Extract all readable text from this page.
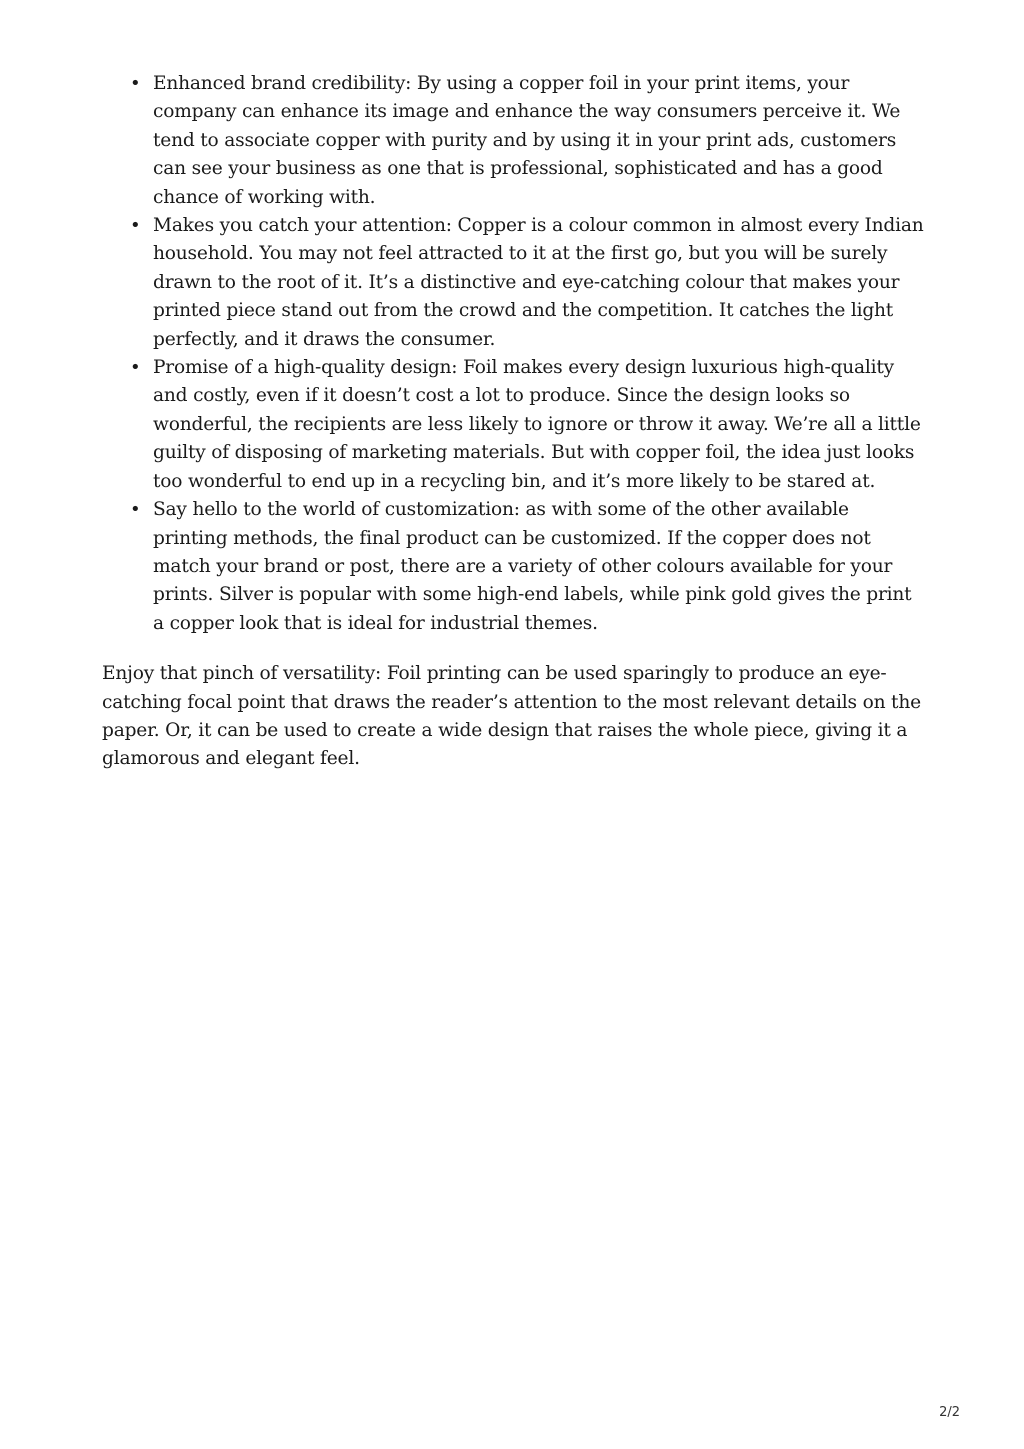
• Enhanced brand credibility: By using a copper foil in your print items, your company can enhance its image and enhance the way consumers perceive it. We tend to associate copper with purity and by using it in your print ads, customers can see your business as one that is professional, sophisticated and has a good chance of working with.
• Makes you catch your attention: Copper is a colour common in almost every Indian household. You may not feel attracted to it at the first go, but you will be surely drawn to the root of it. It’s a distinctive and eye-catching colour that makes your printed piece stand out from the crowd and the competition. It catches the light perfectly, and it draws the consumer.
• Promise of a high-quality design: Foil makes every design luxurious high-quality and costly, even if it doesn’t cost a lot to produce. Since the design looks so wonderful, the recipients are less likely to ignore or throw it away. We’re all a little guilty of disposing of marketing materials. But with copper foil, the idea just looks too wonderful to end up in a recycling bin, and it’s more likely to be stared at.
• Say hello to the world of customization: as with some of the other available printing methods, the final product can be customized. If the copper does not match your brand or post, there are a variety of other colours available for your prints. Silver is popular with some high-end labels, while pink gold gives the print a copper look that is ideal for industrial themes.

Enjoy that pinch of versatility: Foil printing can be used sparingly to produce an eye-catching focal point that draws the reader’s attention to the most relevant details on the paper. Or, it can be used to create a wide design that raises the whole piece, giving it a glamorous and elegant feel.

2/2
